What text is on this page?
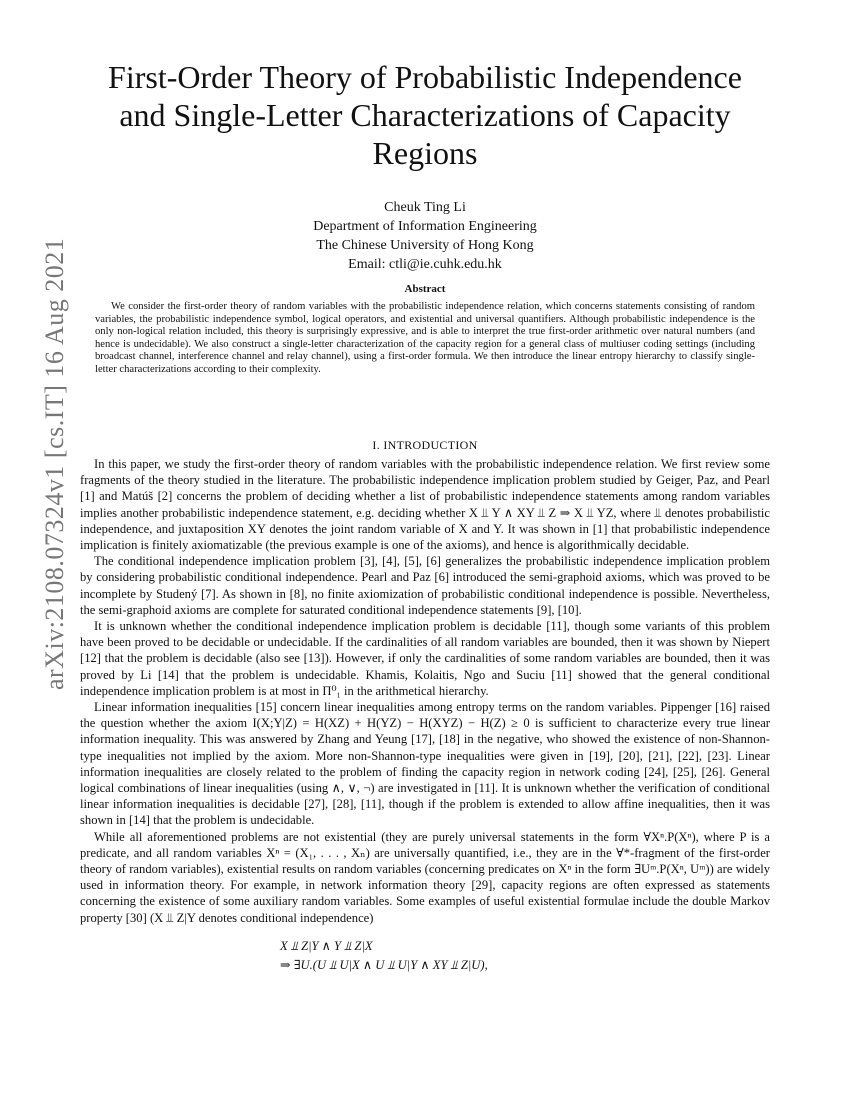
arXiv:2108.07324v1 [cs.IT] 16 Aug 2021
First-Order Theory of Probabilistic Independence
and Single-Letter Characterizations of Capacity
Regions
Cheuk Ting Li
Department of Information Engineering
The Chinese University of Hong Kong
Email: ctli@ie.cuhk.edu.hk
Abstract
We consider the first-order theory of random variables with the probabilistic independence relation, which concerns statements consisting of random variables, the probabilistic independence symbol, logical operators, and existential and universal quantifiers. Although probabilistic independence is the only non-logical relation included, this theory is surprisingly expressive, and is able to interpret the true first-order arithmetic over natural numbers (and hence is undecidable). We also construct a single-letter characterization of the capacity region for a general class of multiuser coding settings (including broadcast channel, interference channel and relay channel), using a first-order formula. We then introduce the linear entropy hierarchy to classify single-letter characterizations according to their complexity.
I. INTRODUCTION

In this paper, we study the first-order theory of random variables with the probabilistic independence relation. We first review some fragments of the theory studied in the literature. The probabilistic independence implication problem studied by Geiger, Paz, and Pearl [1] and Matúš [2] concerns the problem of deciding whether a list of probabilistic independence statements among random variables implies another probabilistic independence statement, e.g. deciding whether X ⫫ Y ∧ XY ⫫ Z ⇒ X ⫫ YZ, where ⫫ denotes probabilistic independence, and juxtaposition XY denotes the joint random variable of X and Y. It was shown in [1] that probabilistic independence implication is finitely axiomatizable (the previous example is one of the axioms), and hence is algorithmically decidable.

The conditional independence implication problem [3], [4], [5], [6] generalizes the probabilistic independence implication problem by considering probabilistic conditional independence. Pearl and Paz [6] introduced the semi-graphoid axioms, which was proved to be incomplete by Studený [7]. As shown in [8], no finite axiomization of probabilistic conditional independence is possible. Nevertheless, the semi-graphoid axioms are complete for saturated conditional independence statements [9], [10].

It is unknown whether the conditional independence implication problem is decidable [11], though some variants of this problem have been proved to be decidable or undecidable. If the cardinalities of all random variables are bounded, then it was shown by Niepert [12] that the problem is decidable (also see [13]). However, if only the cardinalities of some random variables are bounded, then it was proved by Li [14] that the problem is undecidable. Khamis, Kolaitis, Ngo and Suciu [11] showed that the general conditional independence implication problem is at most in Π⁰₁ in the arithmetical hierarchy.

Linear information inequalities [15] concern linear inequalities among entropy terms on the random variables. Pippenger [16] raised the question whether the axiom I(X;Y|Z) = H(XZ) + H(YZ) − H(XYZ) − H(Z) ≥ 0 is sufficient to characterize every true linear information inequality. This was answered by Zhang and Yeung [17], [18] in the negative, who showed the existence of non-Shannon-type inequalities not implied by the axiom. More non-Shannon-type inequalities were given in [19], [20], [21], [22], [23]. Linear information inequalities are closely related to the problem of finding the capacity region in network coding [24], [25], [26]. General logical combinations of linear inequalities (using ∧, ∨, ¬) are investigated in [11]. It is unknown whether the verification of conditional linear information inequalities is decidable [27], [28], [11], though if the problem is extended to allow affine inequalities, then it was shown in [14] that the problem is undecidable.

While all aforementioned problems are not existential (they are purely universal statements in the form ∀Xⁿ.P(Xⁿ), where P is a predicate, and all random variables Xⁿ = (X₁, . . . , Xₙ) are universally quantified, i.e., they are in the ∀*-fragment of the first-order theory of random variables), existential results on random variables (concerning predicates on Xⁿ in the form ∃Uᵐ.P(Xⁿ, Uᵐ)) are widely used in information theory. For example, in network information theory [29], capacity regions are often expressed as statements concerning the existence of some auxiliary random variables. Some examples of useful existential formulae include the double Markov property [30] (X ⫫ Z|Y denotes conditional independence)

X ⫫ Z|Y ∧ Y ⫫ Z|X
⇒ ∃U.(U ⫫ U|X ∧ U ⫫ U|Y ∧ XY ⫫ Z|U),
